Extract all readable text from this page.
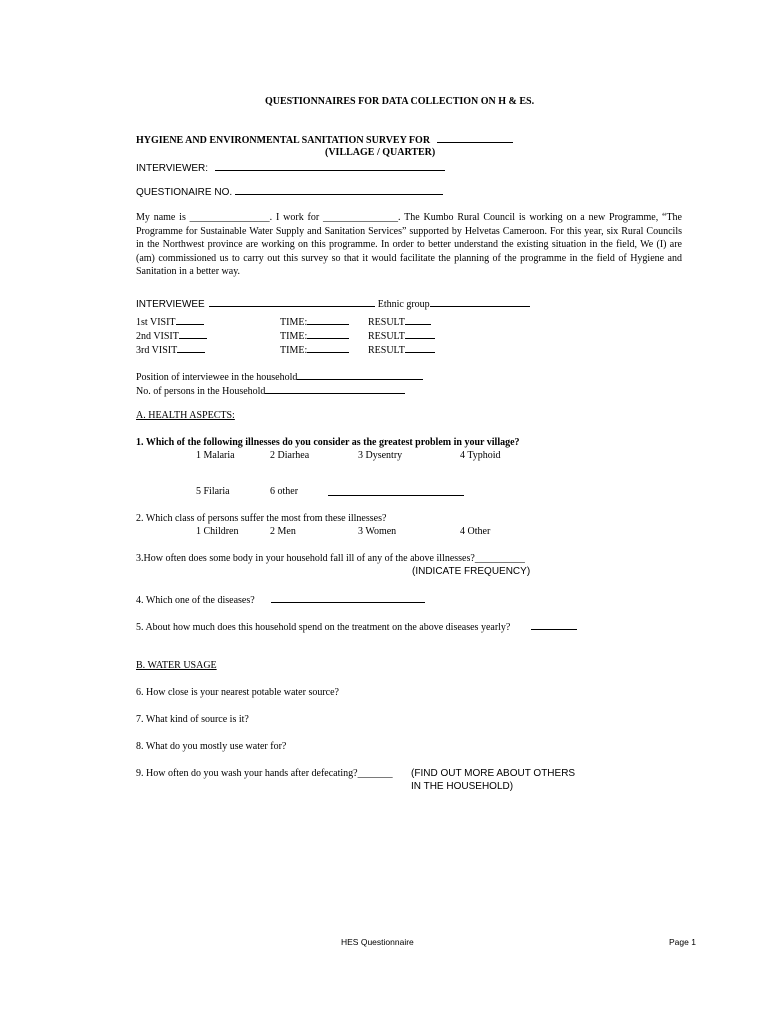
QUESTIONNAIRES FOR DATA COLLECTION ON H & ES.
HYGIENE AND ENVIRONMENTAL SANITATION SURVEY FOR
(VILLAGE / QUARTER)
INTERVIEWER:
QUESTIONAIRE NO.
My name is ________________. I work for _______________. The Kumbo Rural Council is working on a new Programme, “The Programme for Sustainable Water Supply and Sanitation Services” supported by Helvetas Cameroon. For this year, six Rural Councils in the Northwest province are working on this programme. In order to better understand the existing situation in the field, We (I) are (am) commissioned us to carry out this survey so that it would facilitate the planning of the programme in the field of Hygiene and Sanitation in a better way.
INTERVIEWEE	Ethnic group
1st VISIT	TIME:	RESULT
2nd VISIT	TIME:	RESULT
3rd VISIT	TIME:	RESULT
Position of interviewee in the household
No. of persons in the Household
A. HEALTH ASPECTS:
1. Which of the following illnesses do you consider as the greatest problem in your village?
1 Malaria	2 Diarhea	3 Dysentry	4 Typhoid
5 Filaria	6 other
2. Which class of persons suffer the most from these illnesses?
1 Children	2 Men	3 Women	4 Other
3.How often does some body in your household fall ill of any of the above illnesses?__________
(INDICATE FREQUENCY)
4. Which one of the diseases?
5. About how much does this household spend on the treatment on the above diseases yearly?
B. WATER USAGE
6. How close is your nearest potable water source?
7. What kind of source is it?
8. What do you mostly use water for?
9. How often do you wash your hands after defecating?_______ (FIND OUT MORE ABOUT OTHERS
IN THE HOUSEHOLD)
HES Questionnaire	Page 1
